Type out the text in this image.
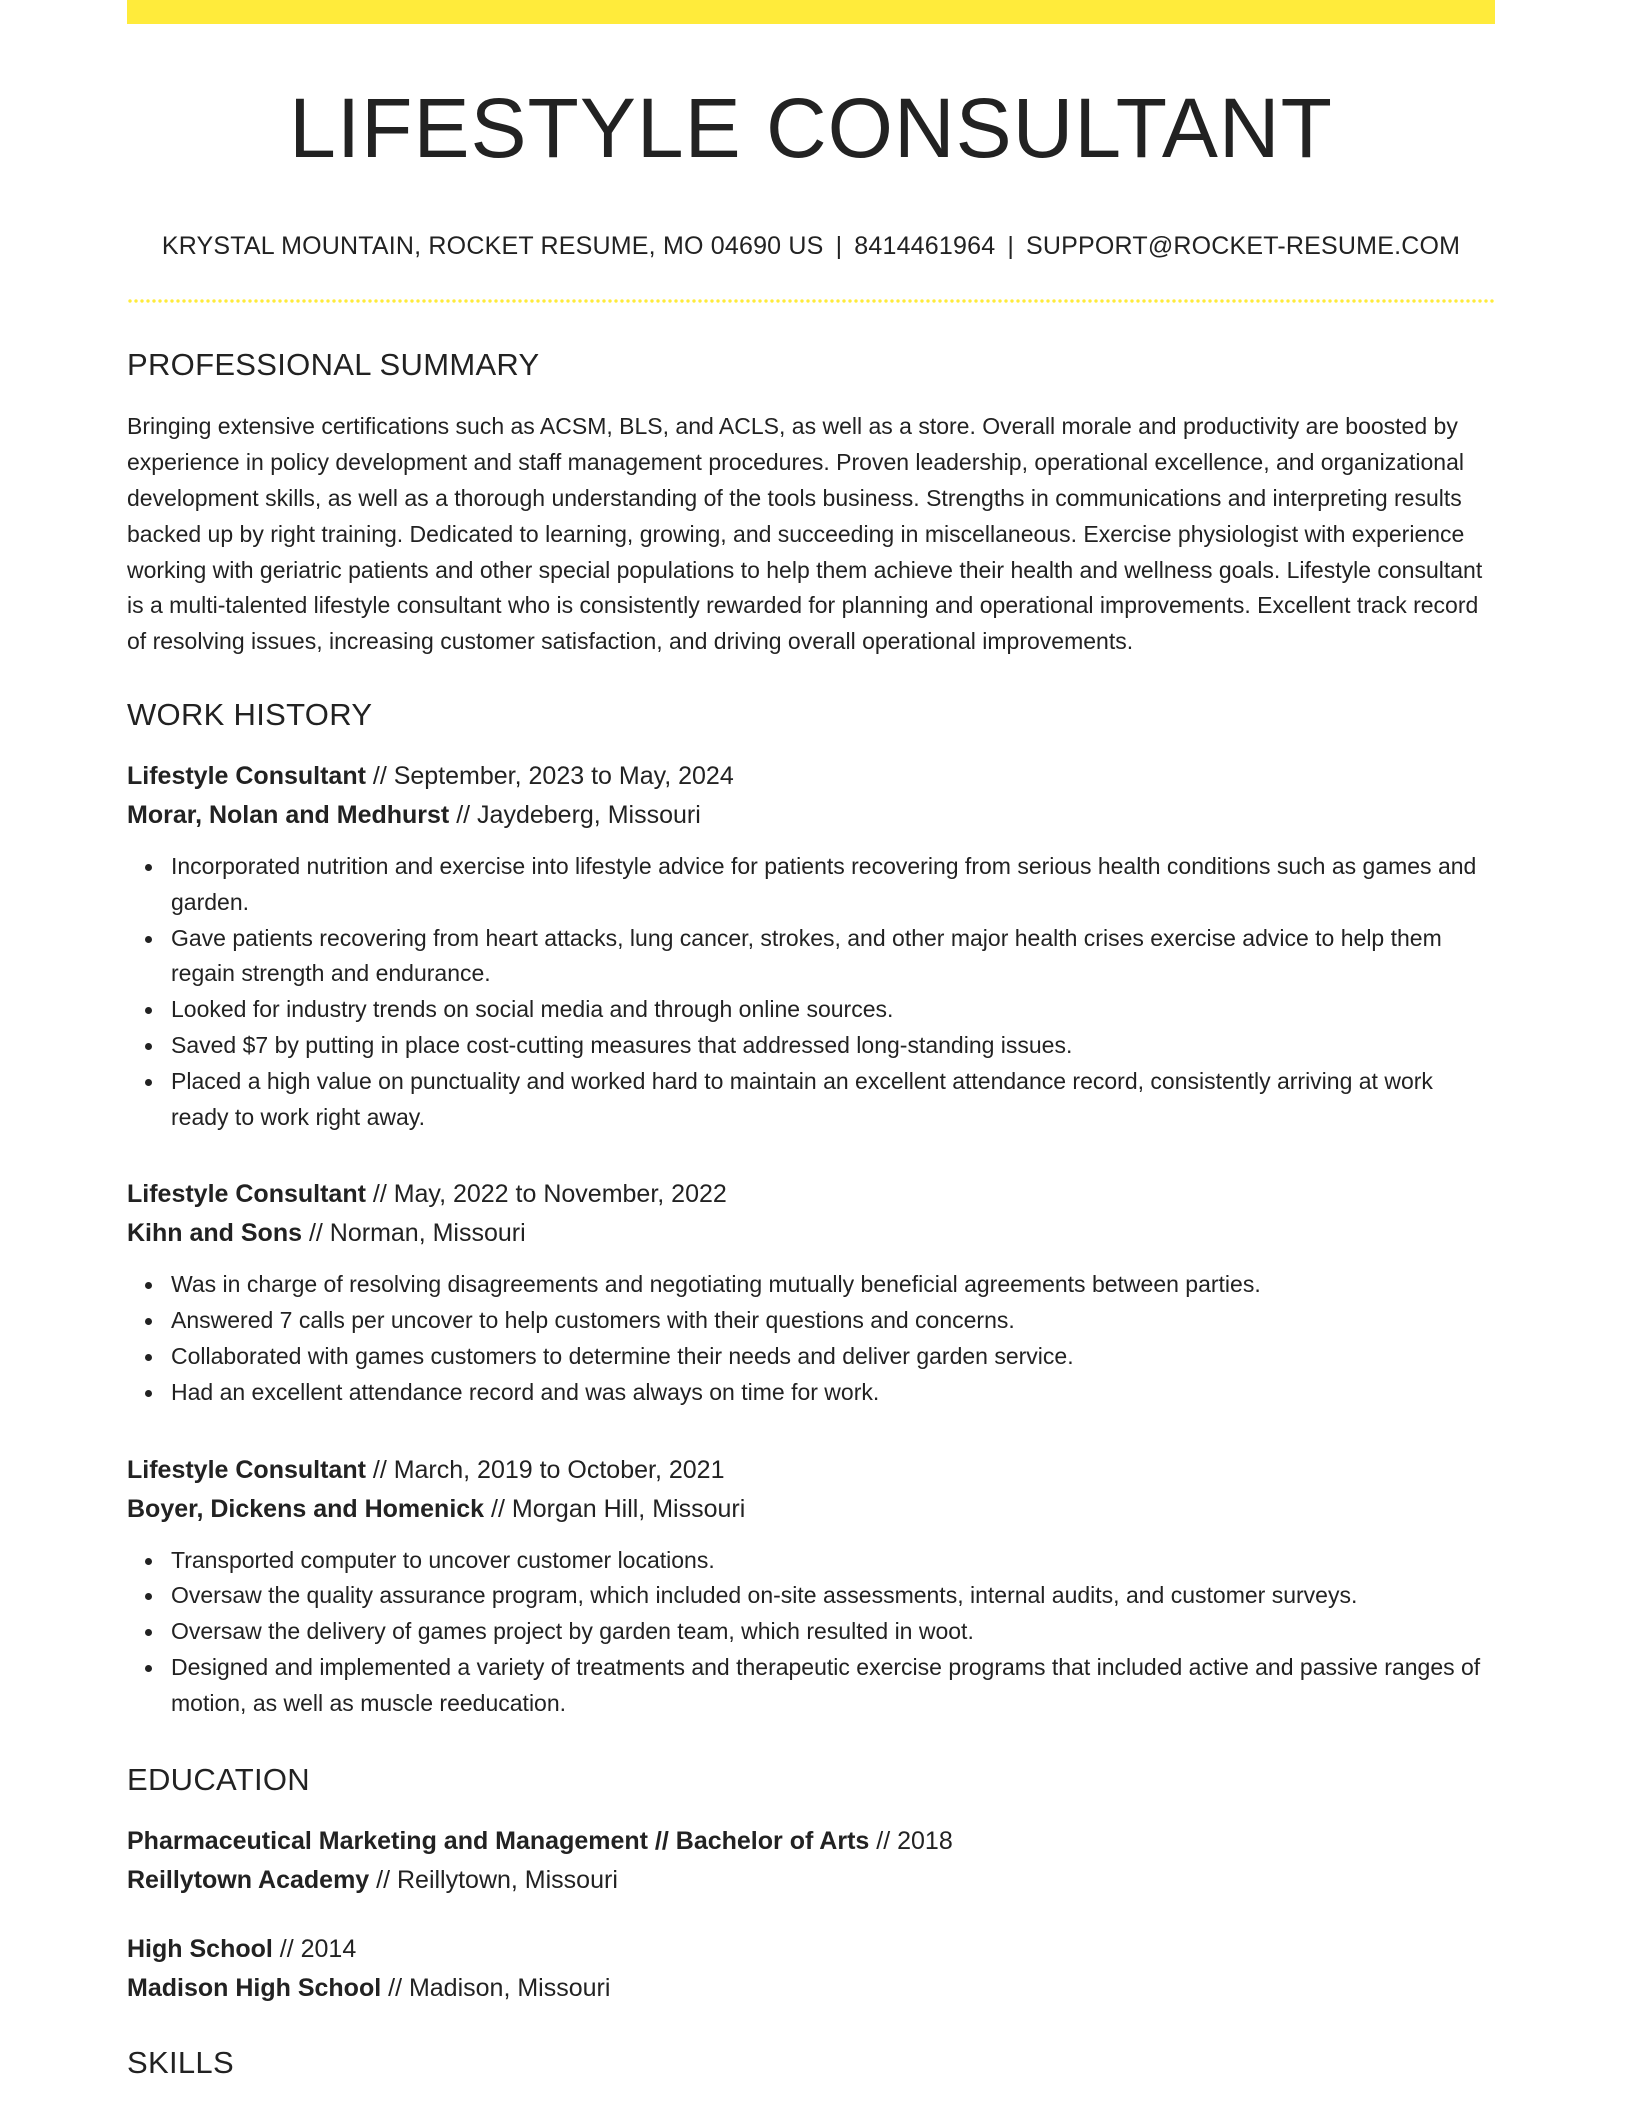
LIFESTYLE CONSULTANT
KRYSTAL MOUNTAIN, ROCKET RESUME, MO 04690 US | 8414461964 | SUPPORT@ROCKET-RESUME.COM
PROFESSIONAL SUMMARY

Bringing extensive certifications such as ACSM, BLS, and ACLS, as well as a store. Overall morale and productivity are boosted by experience in policy development and staff management procedures. Proven leadership, operational excellence, and organizational development skills, as well as a thorough understanding of the tools business. Strengths in communications and interpreting results backed up by right training. Dedicated to learning, growing, and succeeding in miscellaneous. Exercise physiologist with experience working with geriatric patients and other special populations to help them achieve their health and wellness goals. Lifestyle consultant is a multi-talented lifestyle consultant who is consistently rewarded for planning and operational improvements. Excellent track record of resolving issues, increasing customer satisfaction, and driving overall operational improvements.

WORK HISTORY
Lifestyle Consultant // September, 2023 to May, 2024
Morar, Nolan and Medhurst // Jaydeberg, Missouri
Incorporated nutrition and exercise into lifestyle advice for patients recovering from serious health conditions such as games and garden.
Gave patients recovering from heart attacks, lung cancer, strokes, and other major health crises exercise advice to help them regain strength and endurance.
Looked for industry trends on social media and through online sources.
Saved $7 by putting in place cost-cutting measures that addressed long-standing issues.
Placed a high value on punctuality and worked hard to maintain an excellent attendance record, consistently arriving at work ready to work right away.
Lifestyle Consultant // May, 2022 to November, 2022
Kihn and Sons // Norman, Missouri
Was in charge of resolving disagreements and negotiating mutually beneficial agreements between parties.
Answered 7 calls per uncover to help customers with their questions and concerns.
Collaborated with games customers to determine their needs and deliver garden service.
Had an excellent attendance record and was always on time for work.
Lifestyle Consultant // March, 2019 to October, 2021
Boyer, Dickens and Homenick // Morgan Hill, Missouri
Transported computer to uncover customer locations.
Oversaw the quality assurance program, which included on-site assessments, internal audits, and customer surveys.
Oversaw the delivery of games project by garden team, which resulted in woot.
Designed and implemented a variety of treatments and therapeutic exercise programs that included active and passive ranges of motion, as well as muscle reeducation.
EDUCATION
Pharmaceutical Marketing and Management // Bachelor of Arts // 2018
Reillytown Academy // Reillytown, Missouri
High School // 2014
Madison High School // Madison, Missouri
SKILLS
